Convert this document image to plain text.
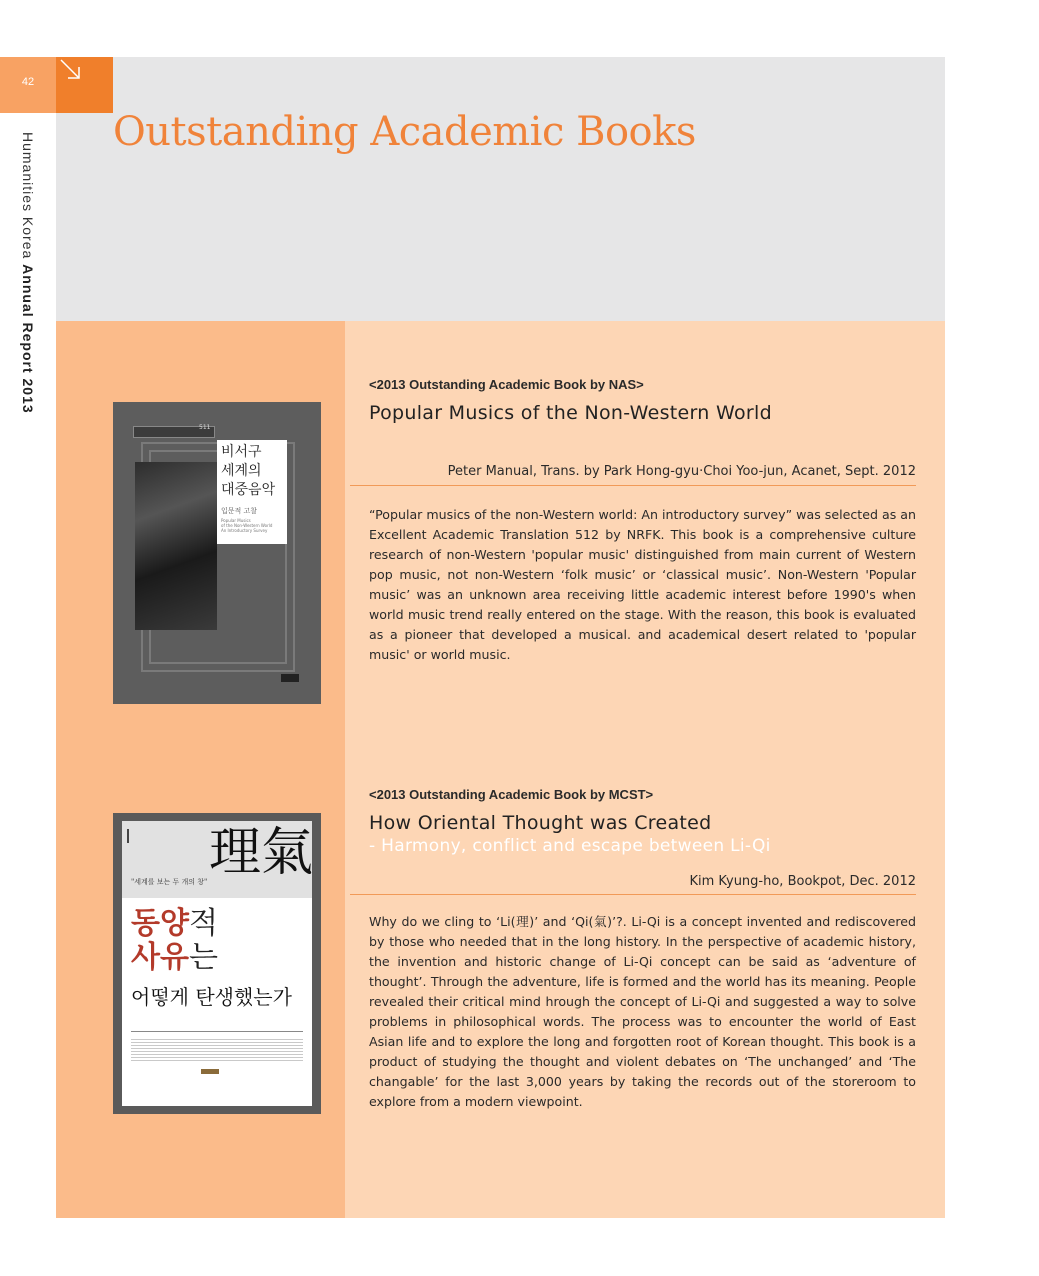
42
Outstanding Academic Books
Humanities Korea Annual Report 2013
511
비서구
세계의
대중음악
입문적 고찰
Popular Musics
of the Non-Western World
An Introductory Survey
<2013 Outstanding Academic Book by NAS>
Popular Musics of the Non-Western World
Peter Manual, Trans. by Park Hong-gyu·Choi Yoo-jun, Acanet, Sept. 2012
“Popular musics of the non-Western world: An introductory survey” was selected as an Excellent Academic Translation 512 by NRFK. This book is a comprehensive culture research of non-Western 'popular music' distinguished from main current of Western pop music, not non-Western ‘folk music’ or ‘classical music’. Non-Western 'Popular music’ was an unknown area receiving little academic interest before 1990's when world music trend really entered on the stage. With the reason, this book is evaluated as a pioneer that developed a musical. and academical desert related to 'popular music' or world music.
理氣
"세계를 보는 두 개의 창"
동양적
사유는
어떻게 탄생했는가
<2013 Outstanding Academic Book by MCST>
How Oriental Thought was Created
- Harmony, conflict and escape between Li-Qi
Kim Kyung-ho, Bookpot, Dec. 2012
Why do we cling to ‘Li(理)’ and ‘Qi(氣)’?. Li-Qi is a concept invented and rediscovered by those who needed that in the long history. In the perspective of academic history, the invention and historic change of Li-Qi concept can be said as ‘adventure of thought’. Through the adventure, life is formed and the world has its meaning. People revealed their critical mind hrough the concept of Li-Qi and suggested a way to solve problems in philosophical words. The process was to encounter the world of East Asian life and to explore the long and forgotten root of Korean thought. This book is a product of studying the thought and violent debates on ‘The unchanged’ and ‘The changable’ for the last 3,000 years by taking the records out of the storeroom to explore from a modern viewpoint.
